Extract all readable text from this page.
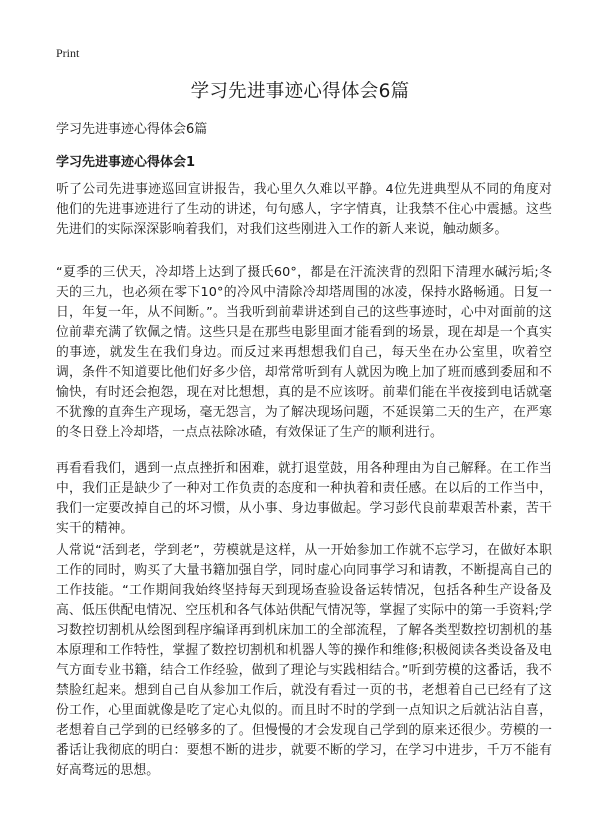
Print
学习先进事迹心得体会6篇

学习先进事迹心得体会6篇

学习先进事迹心得体会1

听了公司先进事迹巡回宣讲报告，我心里久久难以平静。4位先进典型从不同的角度对他们的先进事迹进行了生动的讲述，句句感人，字字情真，让我禁不住心中震撼。这些先进们的实际深深影响着我们，对我们这些刚进入工作的新人来说，触动颇多。

“夏季的三伏天，冷却塔上达到了摄氏60°，都是在汗流浃背的烈阳下清理水碱污垢;冬天的三九，也必须在零下10°的冷风中清除冷却塔周围的冰凌，保持水路畅通。日复一日，年复一年，从不间断。”。当我听到前辈讲述到自己的这些事迹时，心中对面前的这位前辈充满了钦佩之情。这些只是在那些电影里面才能看到的场景，现在却是一个真实的事迹，就发生在我们身边。而反过来再想想我们自己，每天坐在办公室里，吹着空调，条件不知道要比他们好多少倍，却常常听到有人就因为晚上加了班而感到委屈和不愉快，有时还会抱怨，现在对比想想，真的是不应该呀。前辈们能在半夜接到电话就毫不犹豫的直奔生产现场，毫无怨言，为了解决现场问题，不延误第二天的生产，在严寒的冬日登上冷却塔，一点点祛除冰碴，有效保证了生产的顺利进行。

再看看我们，遇到一点点挫折和困难，就打退堂鼓，用各种理由为自己解释。在工作当中，我们正是缺少了一种对工作负责的态度和一种执着和责任感。在以后的工作当中，我们一定要改掉自己的坏习惯，从小事、身边事做起。学习彭代良前辈艰苦朴素，苦干实干的精神。

人常说“活到老，学到老”，劳模就是这样，从一开始参加工作就不忘学习，在做好本职工作的同时，购买了大量书籍加强自学，同时虚心向同事学习和请教，不断提高自己的工作技能。“工作期间我始终坚持每天到现场查验设备运转情况，包括各种生产设备及高、低压供配电情况、空压机和各气体站供配气情况等，掌握了实际中的第一手资料;学习数控切割机从绘图到程序编译再到机床加工的全部流程，了解各类型数控切割机的基本原理和工作特性，掌握了数控切割机和机器人等的操作和维修;积极阅读各类设备及电气方面专业书籍，结合工作经验，做到了理论与实践相结合。”听到劳模的这番话，我不禁脸红起来。想到自己自从参加工作后，就没有看过一页的书，老想着自己已经有了这份工作，心里面就像是吃了定心丸似的。而且时不时的学到一点知识之后就沾沾自喜，老想着自己学到的已经够多的了。但慢慢的才会发现自己学到的原来还很少。劳模的一番话让我彻底的明白：要想不断的进步，就要不断的学习，在学习中进步，千万不能有好高骛远的思想。
